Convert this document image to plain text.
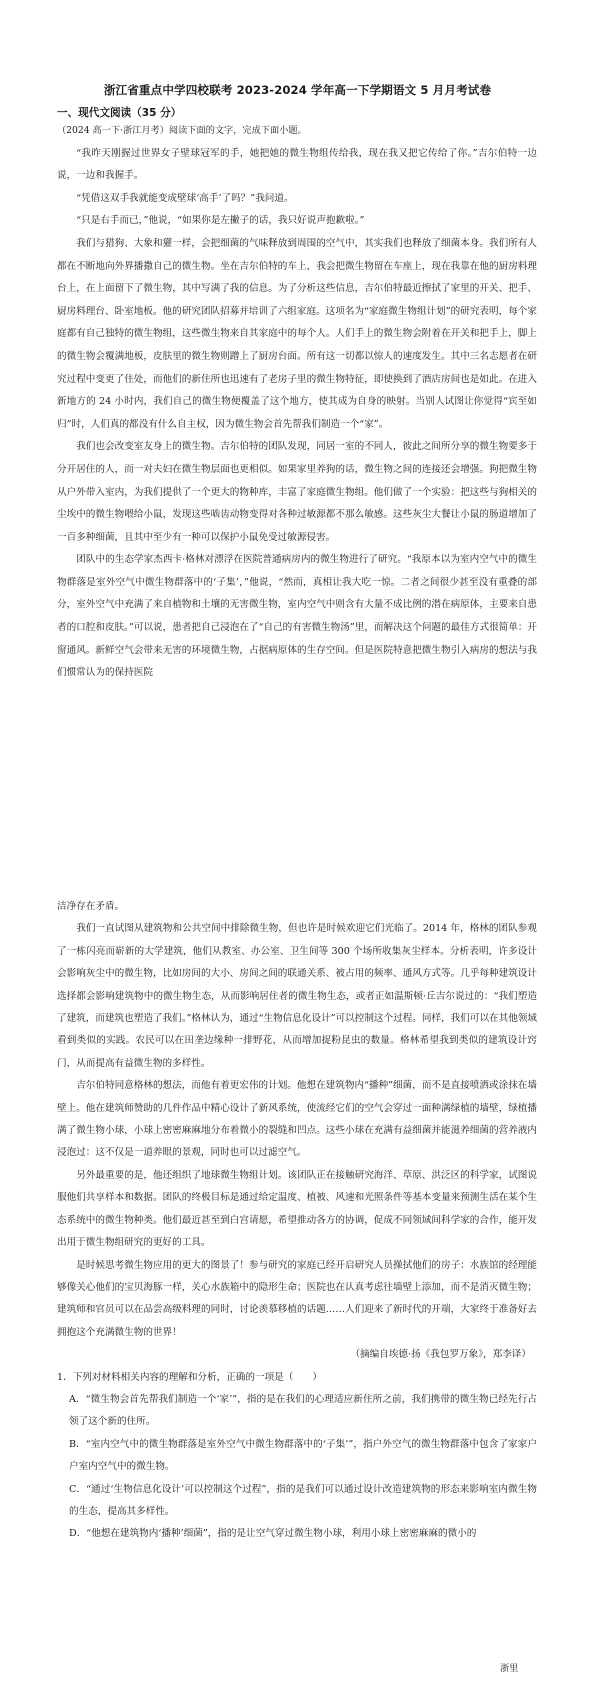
浙江省重点中学四校联考 2023-2024 学年高一下学期语文 5 月月考试卷
一、现代文阅读（35 分）

（2024 高一下·浙江月考）阅读下面的文字，完成下面小题。

“我昨天刚握过世界女子壁球冠军的手，她把她的微生物组传给我，现在我又把它传给了你。”吉尔伯特一边说，一边和我握手。

“凭借这双手我就能变成壁球‘高手’了吗？”我问道。

“只是右手而已，”他说，“如果你是左撇子的话，我只好说声抱歉啦。”

我们与猎狗、大象和獾一样，会把细菌的气味释放到周围的空气中，其实我们也释放了细菌本身。我们所有人都在不断地向外界播撒自己的微生物。坐在吉尔伯特的车上，我会把微生物留在车座上，现在我靠在他的厨房料理台上，在上面留下了微生物，其中写满了我的信息。为了分析这些信息，吉尔伯特最近擦拭了家里的开关、把手、厨房料理台、卧室地板。他的研究团队招募并培训了六组家庭。这项名为“家庭微生物组计划”的研究表明，每个家庭都有自己独特的微生物组，这些微生物来自其家庭中的每个人。人们手上的微生物会附着在开关和把手上，脚上的微生物会覆满地板，皮肤里的微生物则蹭上了厨房台面。所有这一切都以惊人的速度发生。其中三名志愿者在研究过程中变更了住处，而他们的新住所也迅速有了老房子里的微生物特征，即使换到了酒店房间也是如此。在进入新地方的 24 小时内，我们自己的微生物便覆盖了这个地方，使其成为自身的映射。当别人试图让你觉得“宾至如归”时，人们真的都没有什么自主权，因为微生物会首先帮我们制造一个“家”。

我们也会改变室友身上的微生物。吉尔伯特的团队发现，同居一室的不同人，彼此之间所分享的微生物要多于分开居住的人，而一对夫妇在微生物层面也更相似。如果家里养狗的话，微生物之间的连接还会增强。狗把微生物从户外带入室内，为我们提供了一个更大的物种库，丰富了家庭微生物组。他们做了一个实验：把这些与狗相关的尘埃中的微生物喂给小鼠，发现这些啮齿动物变得对各种过敏源都不那么敏感。这些灰尘大餐让小鼠的肠道增加了一百多种细菌，且其中至少有一种可以保护小鼠免受过敏源侵害。

团队中的生态学家杰西卡·格林对漂浮在医院普通病房内的微生物进行了研究。“我原本以为室内空气中的微生物群落是室外空气中微生物群落中的‘子集’，”他说，“然而，真相让我大吃一惊。二者之间很少甚至没有重叠的部分，室外空气中充满了来自植物和土壤的无害微生物，室内空气中则含有大量不成比例的潜在病原体，主要来自患者的口腔和皮肤。”可以说，患者把自己浸泡在了“自己的有害微生物汤”里，而解决这个问题的最佳方式很简单：开窗通风。新鲜空气会带来无害的环境微生物，占据病原体的生存空间。但是医院特意把微生物引入病房的想法与我们惯常认为的保持医院

洁净存在矛盾。

我们一直试图从建筑物和公共空间中排除微生物，但也许是时候欢迎它们光临了。2014 年，格林的团队参观了一栋闪亮而崭新的大学建筑，他们从教室、办公室、卫生间等 300 个场所收集灰尘样本。分析表明，许多设计会影响灰尘中的微生物，比如房间的大小、房间之间的联通关系、被占用的频率、通风方式等。几乎每种建筑设计选择都会影响建筑物中的微生物生态，从而影响居住者的微生物生态，或者正如温斯顿·丘吉尔说过的：“我们塑造了建筑，而建筑也塑造了我们。”格林认为，通过“生物信息化设计”可以控制这个过程。同样，我们可以在其他领域看到类似的实践。农民可以在田垄边缘种一排野花，从而增加捉粉昆虫的数量。格林希望我到类似的建筑设计窍门，从而提高有益微生物的多样性。

吉尔伯特同意格林的想法，而他有着更宏伟的计划。他想在建筑物内“播种”细菌，而不是直接喷洒或涂抹在墙壁上。他在建筑师赞助的几件作品中精心设计了新风系统，使流经它们的空气会穿过一面种满绿植的墙壁，绿植播满了微生物小球，小球上密密麻麻地分布着微小的裂缝和凹点。这些小球在充满有益细菌并能滋养细菌的营养液内浸泡过：这不仅是一道养眼的景观，同时也可以过滤空气。

另外最重要的是，他还组织了地球微生物组计划。该团队正在接触研究海洋、草原、洪泛区的科学家，试图说服他们共享样本和数据。团队的终极目标是通过给定温度、植被、风速和光照条件等基本变量来预测生活在某个生态系统中的微生物种类。他们最近甚至到白宫请愿，希望推动各方的协调，促成不同领域间科学家的合作，能开发出用于微生物组研究的更好的工具。

是时候思考微生物应用的更大的图景了！参与研究的家庭已经开启研究人员操拭他们的房子：水族馆的经理能够像关心他们的宝贝海豚一样，关心水族箱中的隐形生命；医院也在认真考虑往墙壁上添加，而不是消灭微生物；建筑师和官员可以在品尝高级料理的同时，讨论羡慕移植的话题……人们迎来了新时代的开端，大家终于准备好去拥抱这个充满微生物的世界！

（摘编自埃德·扬《我包罗万象》，郑李译）

1．下列对材料相关内容的理解和分析，正确的一项是（　　）

A．“微生物会首先帮我们制造一个‘家’”，指的是在我们的心理适应新住所之前，我们携带的微生物已经先行占领了这个新的住所。

B．“室内空气中的微生物群落是室外空气中微生物群落中的‘子集’”，指户外空气的微生物群落中包含了家家户户室内空气中的微生物。

C．“通过‘生物信息化设计’可以控制这个过程”，指的是我们可以通过设计改造建筑物的形态来影响室内微生物的生态，提高其多样性。

D．“他想在建筑物内‘播种’细菌”，指的是让空气穿过微生物小球，利用小球上密密麻麻的微小的

浙里
